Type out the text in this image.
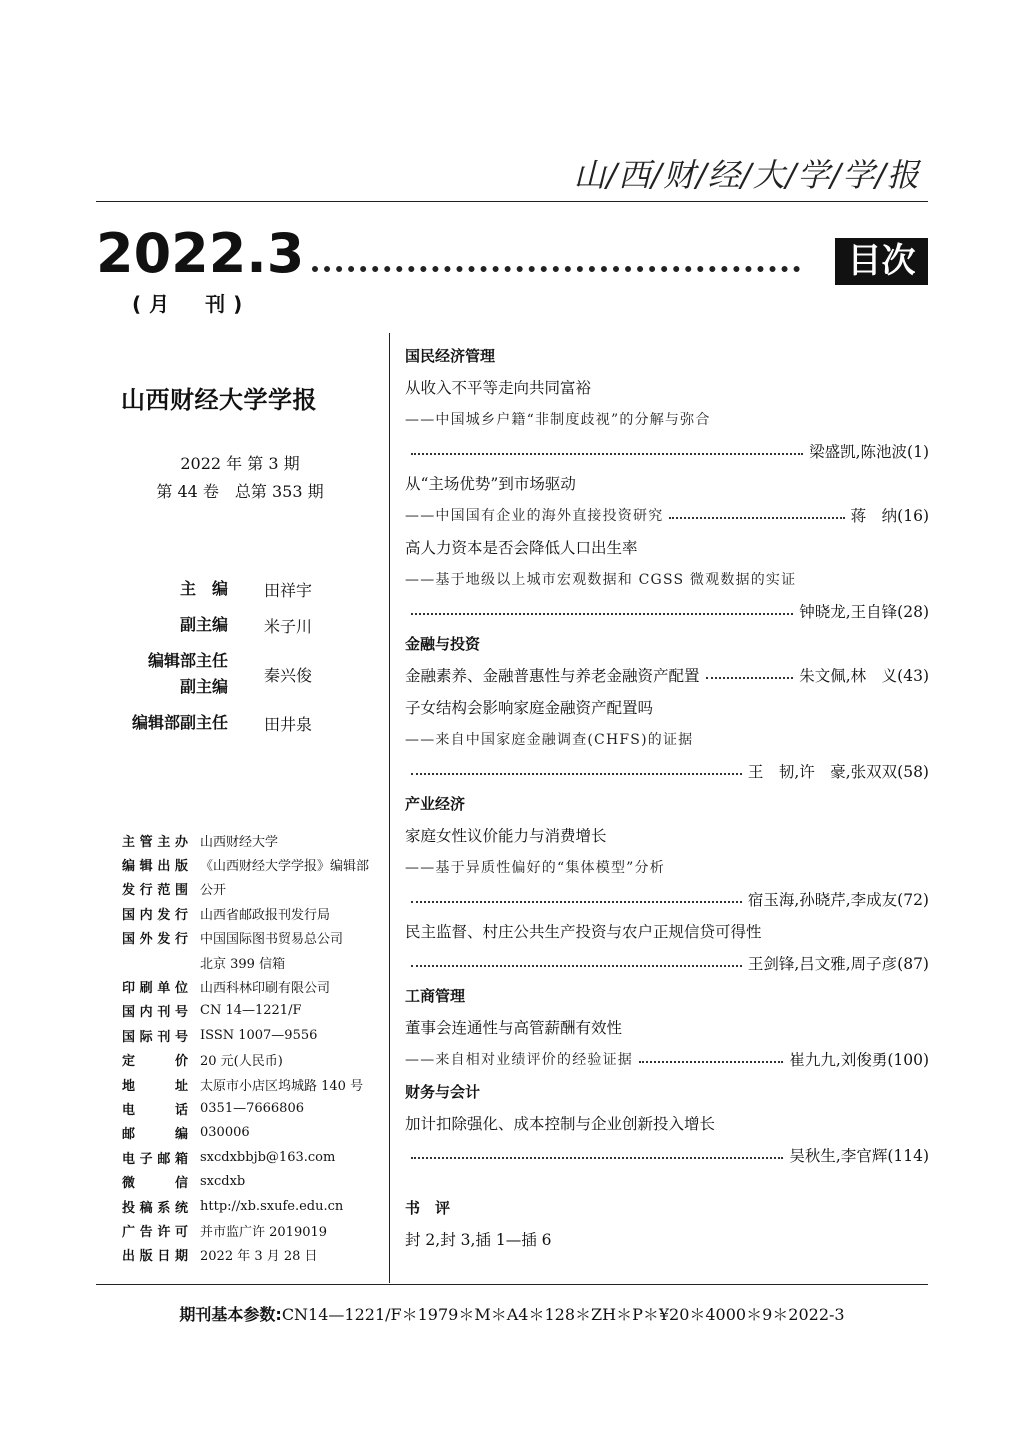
山/西/财/经/大/学/学/报
2022.3
(月　刊)
目次
山西财经大学学报
2022 年 第 3 期
第 44 卷　总第 353 期
主　编 田祥宇
副主编 米子川
编辑部主任
副主编
秦兴俊
编辑部副主任 田井泉
主管主办 山西财经大学
编辑出版 《山西财经大学学报》编辑部
发行范围 公开
国内发行 山西省邮政报刊发行局
国外发行 中国国际图书贸易总公司
北京 399 信箱
印刷单位 山西科林印刷有限公司
国内刊号 CN 14—1221/F
国际刊号 ISSN 1007—9556
定价 20 元(人民币)
地址 太原市小店区坞城路 140 号
电话 0351—7666806
邮编 030006
电子邮箱 sxcdxbbjb@163.com
微信 sxcdxb
投稿系统 http://xb.sxufe.edu.cn
广告许可 并市监广许 2019019
出版日期 2022 年 3 月 28 日
国民经济管理
从收入不平等走向共同富裕
——中国城乡户籍“非制度歧视”的分解与弥合
梁盛凯,陈池波(1)
从“主场优势”到市场驱动
——中国国有企业的海外直接投资研究	蒋　纳(16)
高人力资本是否会降低人口出生率
——基于地级以上城市宏观数据和 CGSS 微观数据的实证
钟晓龙,王自锋(28)
金融与投资
金融素养、金融普惠性与养老金融资产配置	朱文佩,林　义(43)
子女结构会影响家庭金融资产配置吗
——来自中国家庭金融调查(CHFS)的证据
王　韧,许　豪,张双双(58)
产业经济
家庭女性议价能力与消费增长
——基于异质性偏好的“集体模型”分析
宿玉海,孙晓芹,李成友(72)
民主监督、村庄公共生产投资与农户正规信贷可得性
王剑锋,吕文雅,周子彦(87)
工商管理
董事会连通性与高管薪酬有效性
——来自相对业绩评价的经验证据	崔九九,刘俊勇(100)
财务与会计
加计扣除强化、成本控制与企业创新投入增长
吴秋生,李官辉(114)
书　评
封 2,封 3,插 1—插 6
期刊基本参数:CN14—1221/F＊1979＊M＊A4＊128＊ZH＊P＊¥20＊4000＊9＊2022-3
